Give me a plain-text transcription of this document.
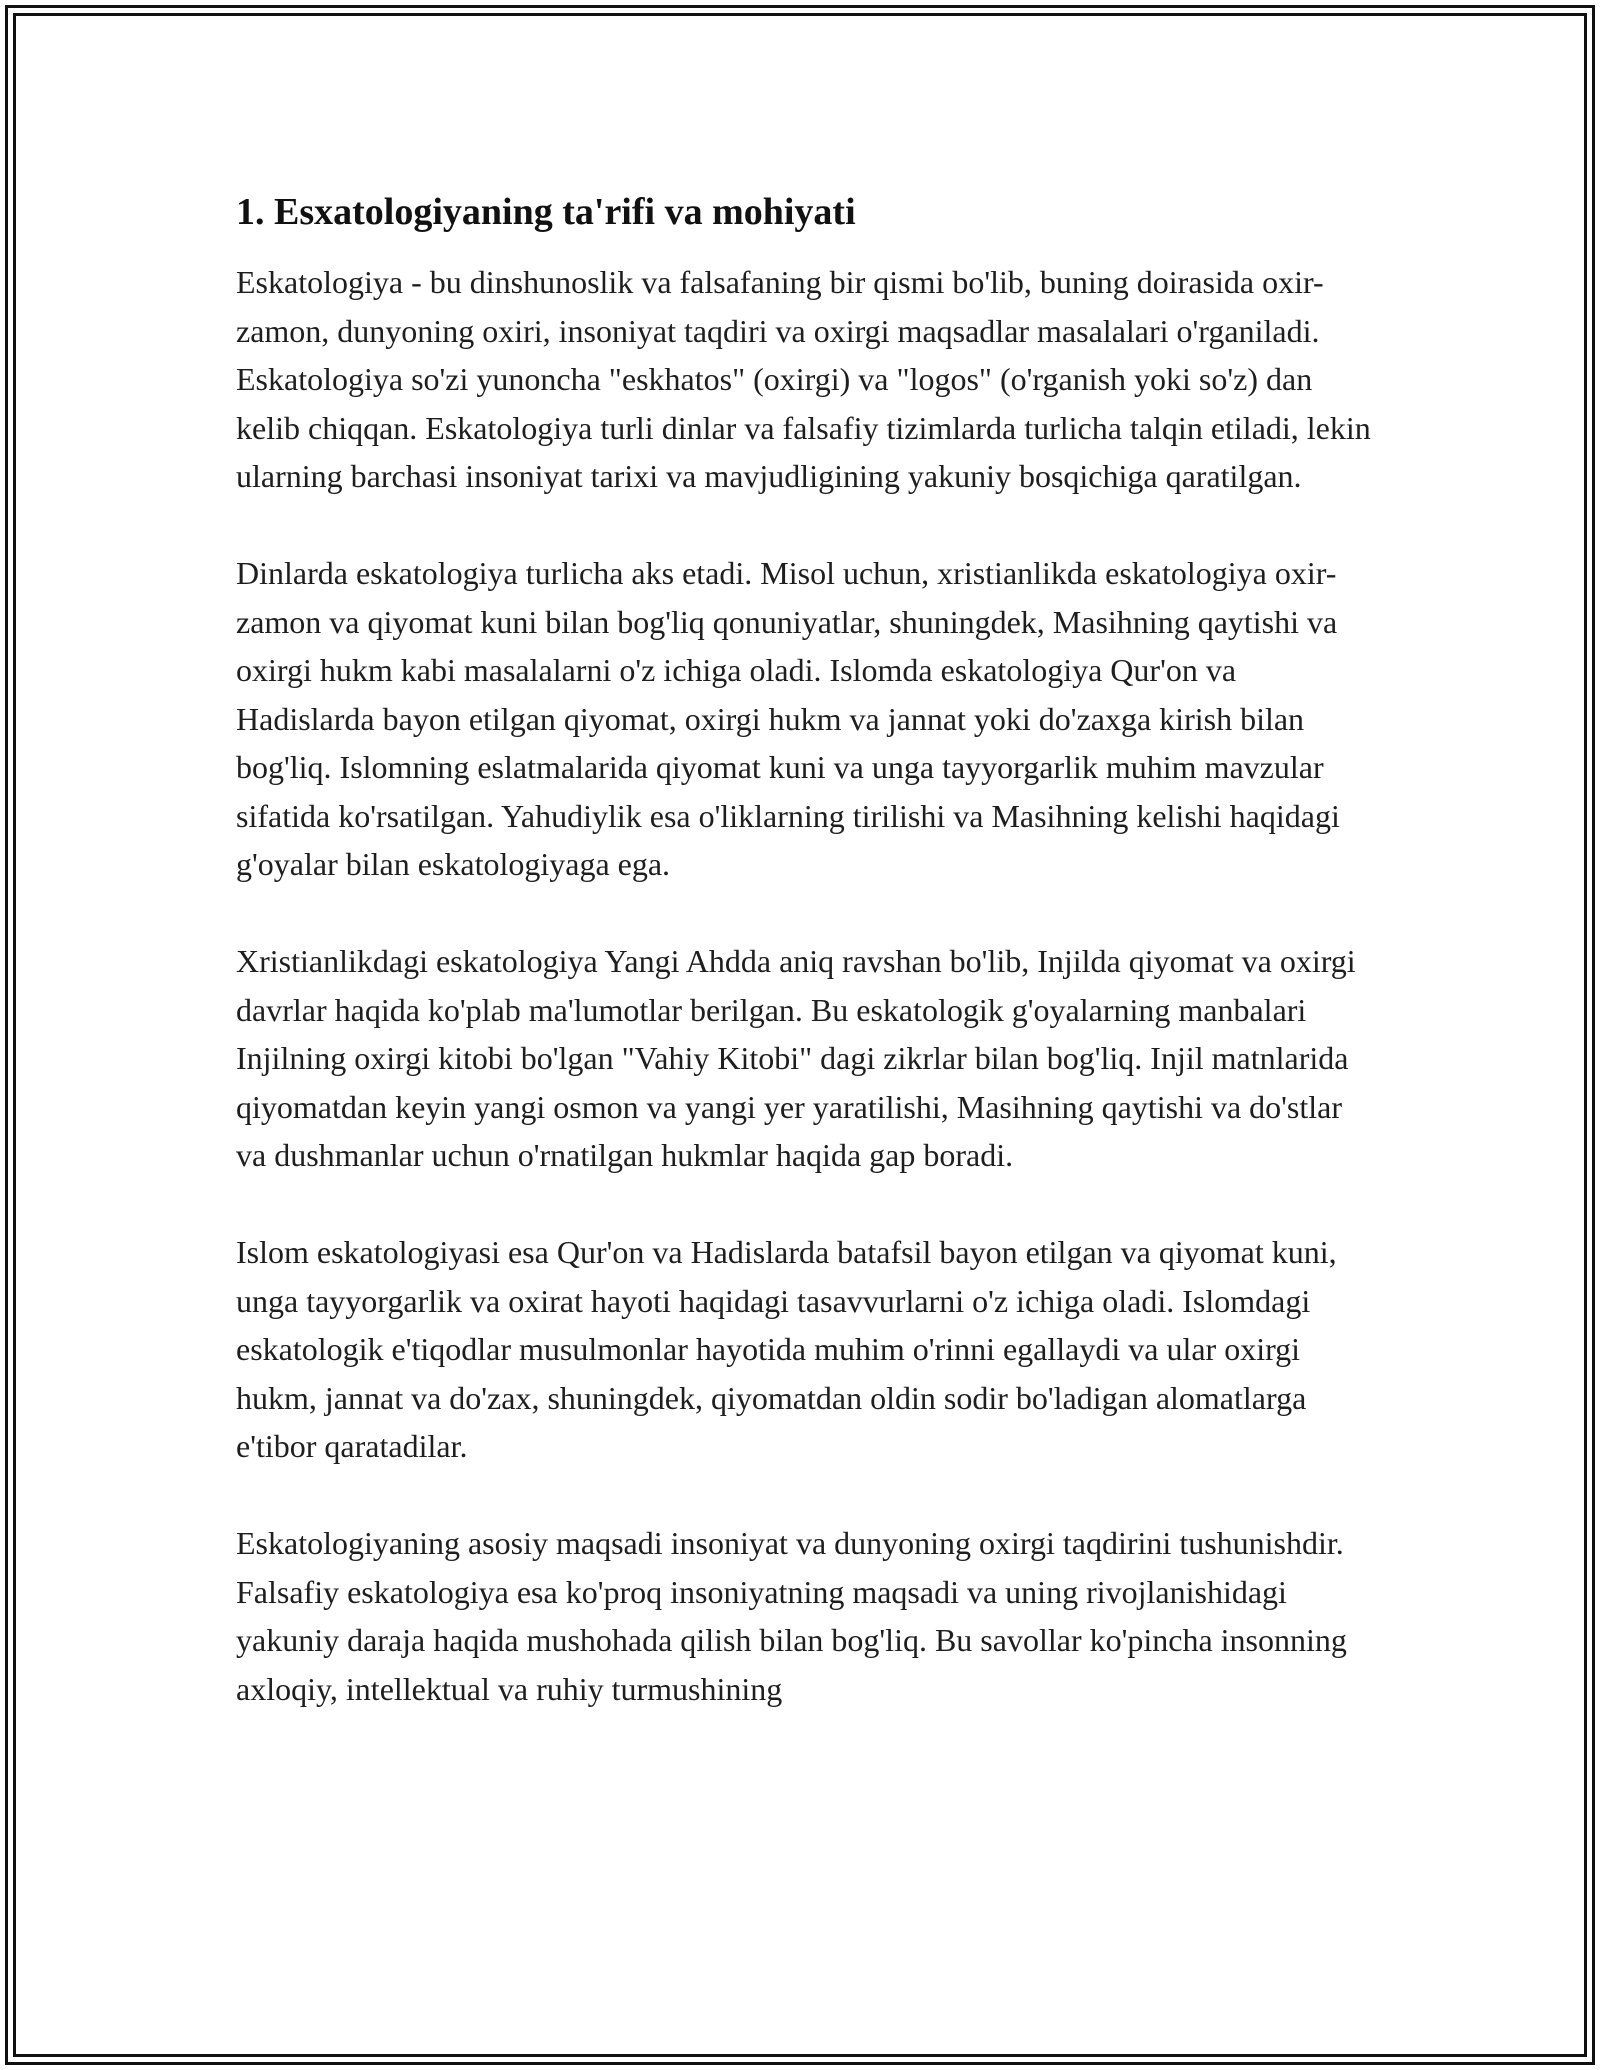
1. Esxatologiyaning ta'rifi va mohiyati

Eskatologiya - bu dinshunoslik va falsafaning bir qismi bo'lib, buning doirasida oxir-zamon, dunyoning oxiri, insoniyat taqdiri va oxirgi maqsadlar masalalari o'rganiladi. Eskatologiya so'zi yunoncha "eskhatos" (oxirgi) va "logos" (o'rganish yoki so'z) dan kelib chiqqan. Eskatologiya turli dinlar va falsafiy tizimlarda turlicha talqin etiladi, lekin ularning barchasi insoniyat tarixi va mavjudligining yakuniy bosqichiga qaratilgan.

Dinlarda eskatologiya turlicha aks etadi. Misol uchun, xristianlikda eskatologiya oxir-zamon va qiyomat kuni bilan bog'liq qonuniyatlar, shuningdek, Masihning qaytishi va oxirgi hukm kabi masalalarni o'z ichiga oladi. Islomda eskatologiya Qur'on va Hadislarda bayon etilgan qiyomat, oxirgi hukm va jannat yoki do'zaxga kirish bilan bog'liq. Islomning eslatmalarida qiyomat kuni va unga tayyorgarlik muhim mavzular sifatida ko'rsatilgan. Yahudiylik esa o'liklarning tirilishi va Masihning kelishi haqidagi g'oyalar bilan eskatologiyaga ega.

Xristianlikdagi eskatologiya Yangi Ahdda aniq ravshan bo'lib, Injilda qiyomat va oxirgi davrlar haqida ko'plab ma'lumotlar berilgan. Bu eskatologik g'oyalarning manbalari Injilning oxirgi kitobi bo'lgan "Vahiy Kitobi" dagi zikrlar bilan bog'liq. Injil matnlarida qiyomatdan keyin yangi osmon va yangi yer yaratilishi, Masihning qaytishi va do'stlar va dushmanlar uchun o'rnatilgan hukmlar haqida gap boradi.

Islom eskatologiyasi esa Qur'on va Hadislarda batafsil bayon etilgan va qiyomat kuni, unga tayyorgarlik va oxirat hayoti haqidagi tasavvurlarni o'z ichiga oladi. Islomdagi eskatologik e'tiqodlar musulmonlar hayotida muhim o'rinni egallaydi va ular oxirgi hukm, jannat va do'zax, shuningdek, qiyomatdan oldin sodir bo'ladigan alomatlarga e'tibor qaratadilar.

Eskatologiyaning asosiy maqsadi insoniyat va dunyoning oxirgi taqdirini tushunishdir. Falsafiy eskatologiya esa ko'proq insoniyatning maqsadi va uning rivojlanishidagi yakuniy daraja haqida mushohada qilish bilan bog'liq. Bu savollar ko'pincha insonning axloqiy, intellektual va ruhiy turmushining
